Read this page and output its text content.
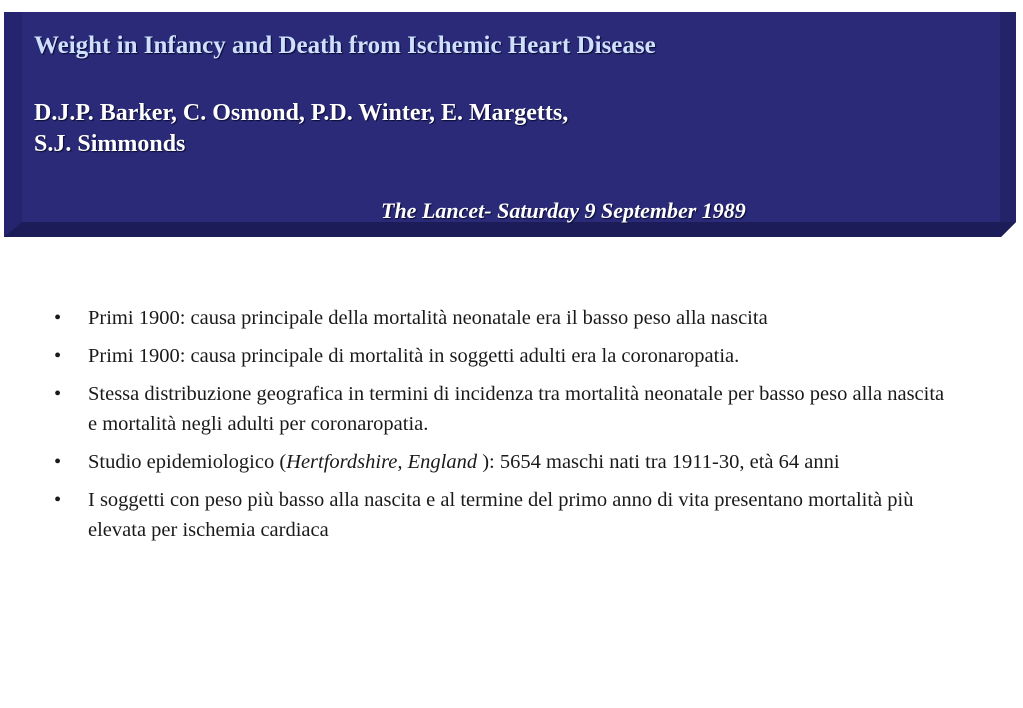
Weight in Infancy and Death from Ischemic Heart Disease

D.J.P. Barker, C. Osmond, P.D. Winter, E. Margetts,
S.J. Simmonds

The Lancet- Saturday 9 September 1989

• Primi 1900: causa principale della mortalità neonatale era il basso peso alla nascita
• Primi 1900: causa principale di mortalità in soggetti adulti era la coronaropatia.
• Stessa distribuzione geografica in termini di incidenza tra mortalità neonatale per basso peso alla nascita e mortalità negli adulti per coronaropatia.
• Studio epidemiologico (Hertfordshire, England ): 5654 maschi nati tra 1911-30, età 64 anni
• I soggetti con peso più basso alla nascita e al termine del primo anno di vita presentano mortalità più elevata per ischemia cardiaca
